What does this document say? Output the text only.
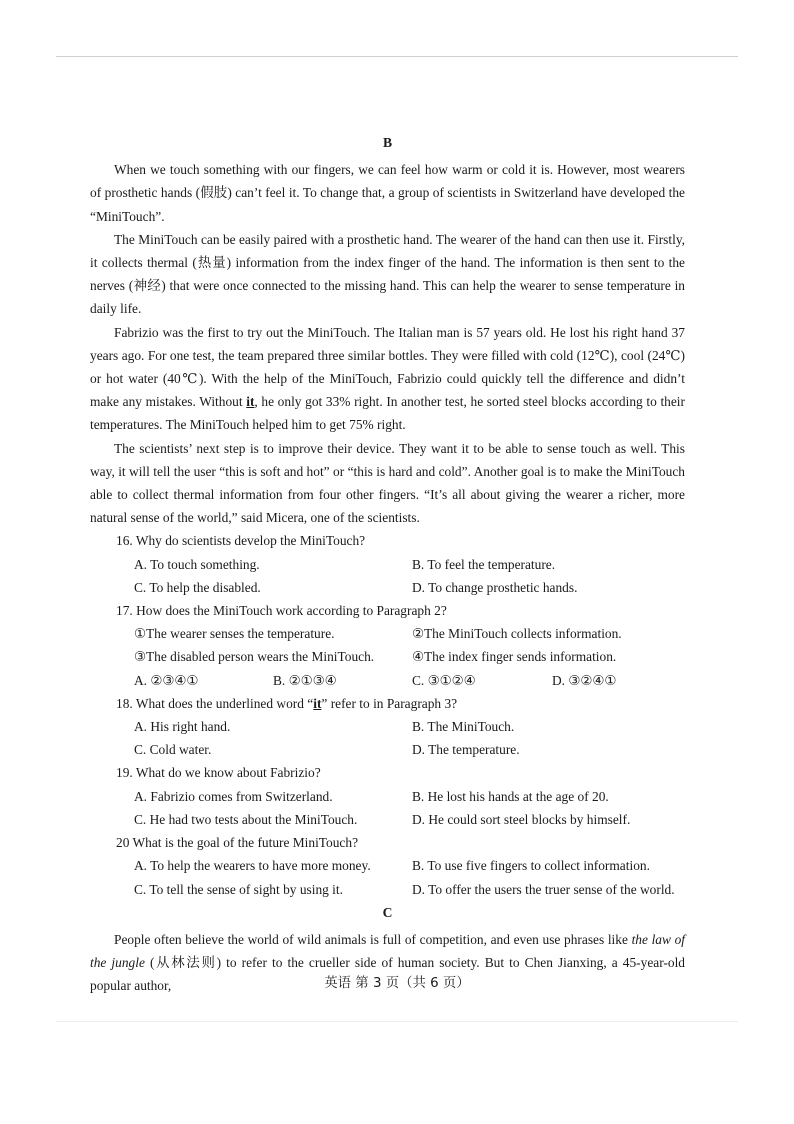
B

When we touch something with our fingers, we can feel how warm or cold it is. However, most wearers of prosthetic hands (假肢) can’t feel it. To change that, a group of scientists in Switzerland have developed the “MiniTouch”.

The MiniTouch can be easily paired with a prosthetic hand. The wearer of the hand can then use it. Firstly, it collects thermal (热量) information from the index finger of the hand. The information is then sent to the nerves (神经) that were once connected to the missing hand. This can help the wearer to sense temperature in daily life.

Fabrizio was the first to try out the MiniTouch. The Italian man is 57 years old. He lost his right hand 37 years ago. For one test, the team prepared three similar bottles. They were filled with cold (12℃), cool (24℃) or hot water (40℃). With the help of the MiniTouch, Fabrizio could quickly tell the difference and didn’t make any mistakes. Without it, he only got 33% right. In another test, he sorted steel blocks according to their temperatures. The MiniTouch helped him to get 75% right.

The scientists’ next step is to improve their device. They want it to be able to sense touch as well. This way, it will tell the user “this is soft and hot” or “this is hard and cold”. Another goal is to make the MiniTouch able to collect thermal information from four other fingers. “It’s all about giving the wearer a richer, more natural sense of the world,” said Micera, one of the scientists.

16. Why do scientists develop the MiniTouch?
A. To touch something.	B. To feel the temperature.
C. To help the disabled.	D. To change prosthetic hands.
17. How does the MiniTouch work according to Paragraph 2?
①The wearer senses the temperature.	②The MiniTouch collects information.
③The disabled person wears the MiniTouch.	④The index finger sends information.
A. ②③④①	B. ②①③④	C. ③①②④	D. ③②④①
18. What does the underlined word “it” refer to in Paragraph 3?
A. His right hand.	B. The MiniTouch.
C. Cold water.	D. The temperature.
19. What do we know about Fabrizio?
A. Fabrizio comes from Switzerland.	B. He lost his hands at the age of 20.
C. He had two tests about the MiniTouch.	D. He could sort steel blocks by himself.
20 What is the goal of the future MiniTouch?
A. To help the wearers to have more money.	B. To use five fingers to collect information.
C. To tell the sense of sight by using it.	D. To offer the users the truer sense of the world.
C

People often believe the world of wild animals is full of competition, and even use phrases like the law of the jungle (从林法则) to refer to the crueller side of human society. But to Chen Jianxing, a 45-year-old popular author,	英语 第 3 页（共 6 页）
